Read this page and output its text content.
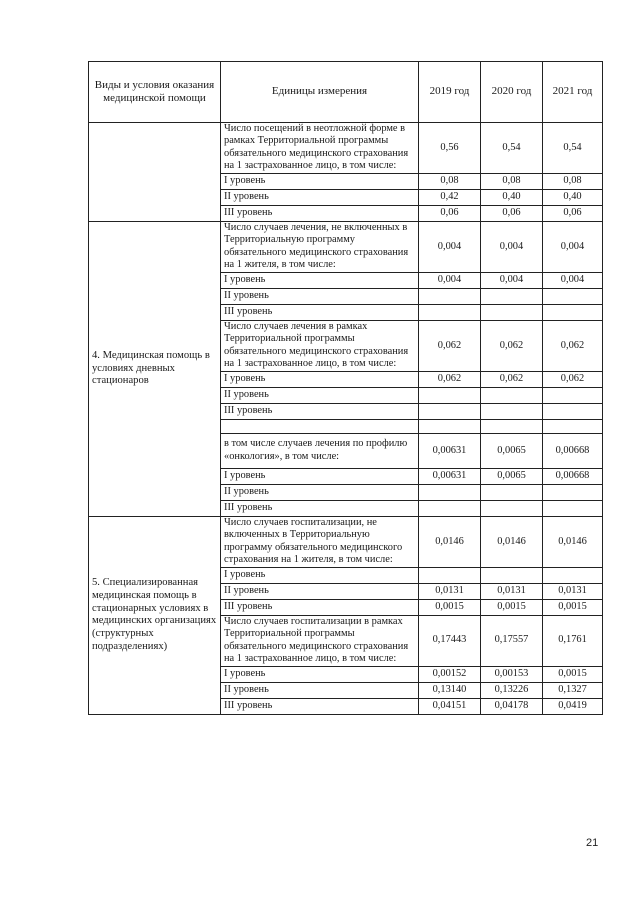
Виды и условия оказания медицинской помощи	Единицы измерения	2019 год	2020 год	2021 год
	Число посещений в неотложной форме в рамках Территориальной программы обязательного медицинского страхования на 1 застрахованное лицо, в том числе:	0,56	0,54	0,54
	I уровень	0,08	0,08	0,08
	II уровень	0,42	0,40	0,40
	III уровень	0,06	0,06	0,06
4. Медицинская помощь в условиях дневных стационаров	Число случаев лечения, не включенных в Территориальную программу обязательного медицинского страхования на 1 жителя, в том числе:	0,004	0,004	0,004
	I уровень	0,004	0,004	0,004
	II уровень			
	III уровень			
	Число случаев лечения в рамках Территориальной программы обязательного медицинского страхования на 1 застрахованное лицо, в том числе:	0,062	0,062	0,062
	I уровень	0,062	0,062	0,062
	II уровень			
	III уровень			

	в том числе случаев лечения по профилю «онкология», в том числе:	0,00631	0,0065	0,00668
	I уровень	0,00631	0,0065	0,00668
	II уровень			
	III уровень			
5. Специализированная медицинская помощь в стационарных условиях в медицинских организациях (структурных подразделениях)	Число случаев госпитализации, не включенных в Территориальную программу обязательного медицинского страхования на 1 жителя, в том числе:	0,0146	0,0146	0,0146
	I уровень			
	II уровень	0,0131	0,0131	0,0131
	III уровень	0,0015	0,0015	0,0015
	Число случаев госпитализации в рамках Территориальной программы обязательного медицинского страхования на 1 застрахованное лицо, в том числе:	0,17443	0,17557	0,1761
	I уровень	0,00152	0,00153	0,0015
	II уровень	0,13140	0,13226	0,1327
	III уровень	0,04151	0,04178	0,0419
21
